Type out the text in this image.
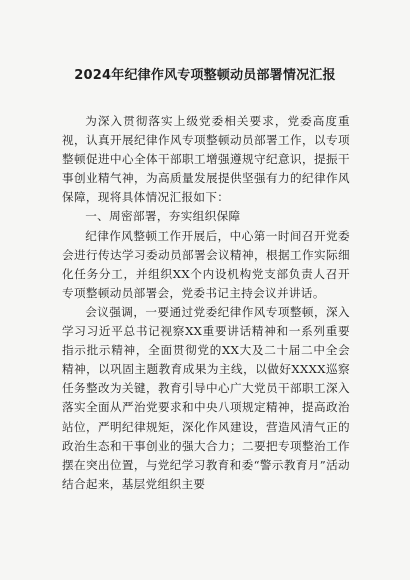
2024年纪律作风专项整顿动员部署情况汇报

为深入贯彻落实上级党委相关要求，党委高度重视，认真开展纪律作风专项整顿动员部署工作，以专项整顿促进中心全体干部职工增强遵规守纪意识，提振干事创业精气神，为高质量发展提供坚强有力的纪律作风保障，现将具体情况汇报如下：

一、周密部署，夯实组织保障

纪律作风整顿工作开展后，中心第一时间召开党委会进行传达学习委动员部署会议精神，根据工作实际细化任务分工，并组织XX个内设机构党支部负责人召开专项整顿动员部署会，党委书记主持会议并讲话。

会议强调，一要通过党委纪律作风专项整顿，深入学习习近平总书记视察XX重要讲话精神和一系列重要指示批示精神，全面贯彻党的XX大及二十届二中全会精神，以巩固主题教育成果为主线，以做好XXXX巡察任务整改为关键，教育引导中心广大党员干部职工深入落实全面从严治党要求和中央八项规定精神，提高政治站位，严明纪律规矩，深化作风建设，营造风清气正的政治生态和干事创业的强大合力；二要把专项整治工作摆在突出位置，与党纪学习教育和委“警示教育月”活动结合起来，基层党组织主要
